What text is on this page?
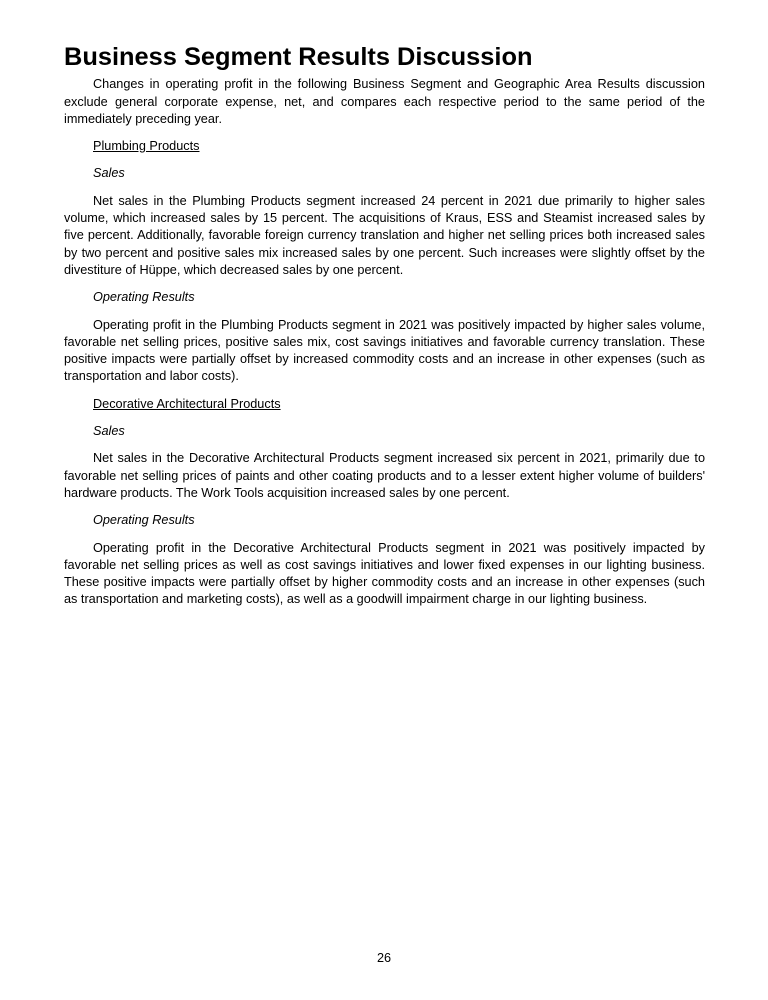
Business Segment Results Discussion

Changes in operating profit in the following Business Segment and Geographic Area Results discussion exclude general corporate expense, net, and compares each respective period to the same period of the immediately preceding year.

Plumbing Products
Sales

Net sales in the Plumbing Products segment increased 24 percent in 2021 due primarily to higher sales volume, which increased sales by 15 percent. The acquisitions of Kraus, ESS and Steamist increased sales by five percent. Additionally, favorable foreign currency translation and higher net selling prices both increased sales by two percent and positive sales mix increased sales by one percent. Such increases were slightly offset by the divestiture of Hüppe, which decreased sales by one percent.

Operating Results

Operating profit in the Plumbing Products segment in 2021 was positively impacted by higher sales volume, favorable net selling prices, positive sales mix, cost savings initiatives and favorable currency translation. These positive impacts were partially offset by increased commodity costs and an increase in other expenses (such as transportation and labor costs).

Decorative Architectural Products
Sales

Net sales in the Decorative Architectural Products segment increased six percent in 2021, primarily due to favorable net selling prices of paints and other coating products and to a lesser extent higher volume of builders' hardware products. The Work Tools acquisition increased sales by one percent.

Operating Results

Operating profit in the Decorative Architectural Products segment in 2021 was positively impacted by favorable net selling prices as well as cost savings initiatives and lower fixed expenses in our lighting business. These positive impacts were partially offset by higher commodity costs and an increase in other expenses (such as transportation and marketing costs), as well as a goodwill impairment charge in our lighting business.

26
